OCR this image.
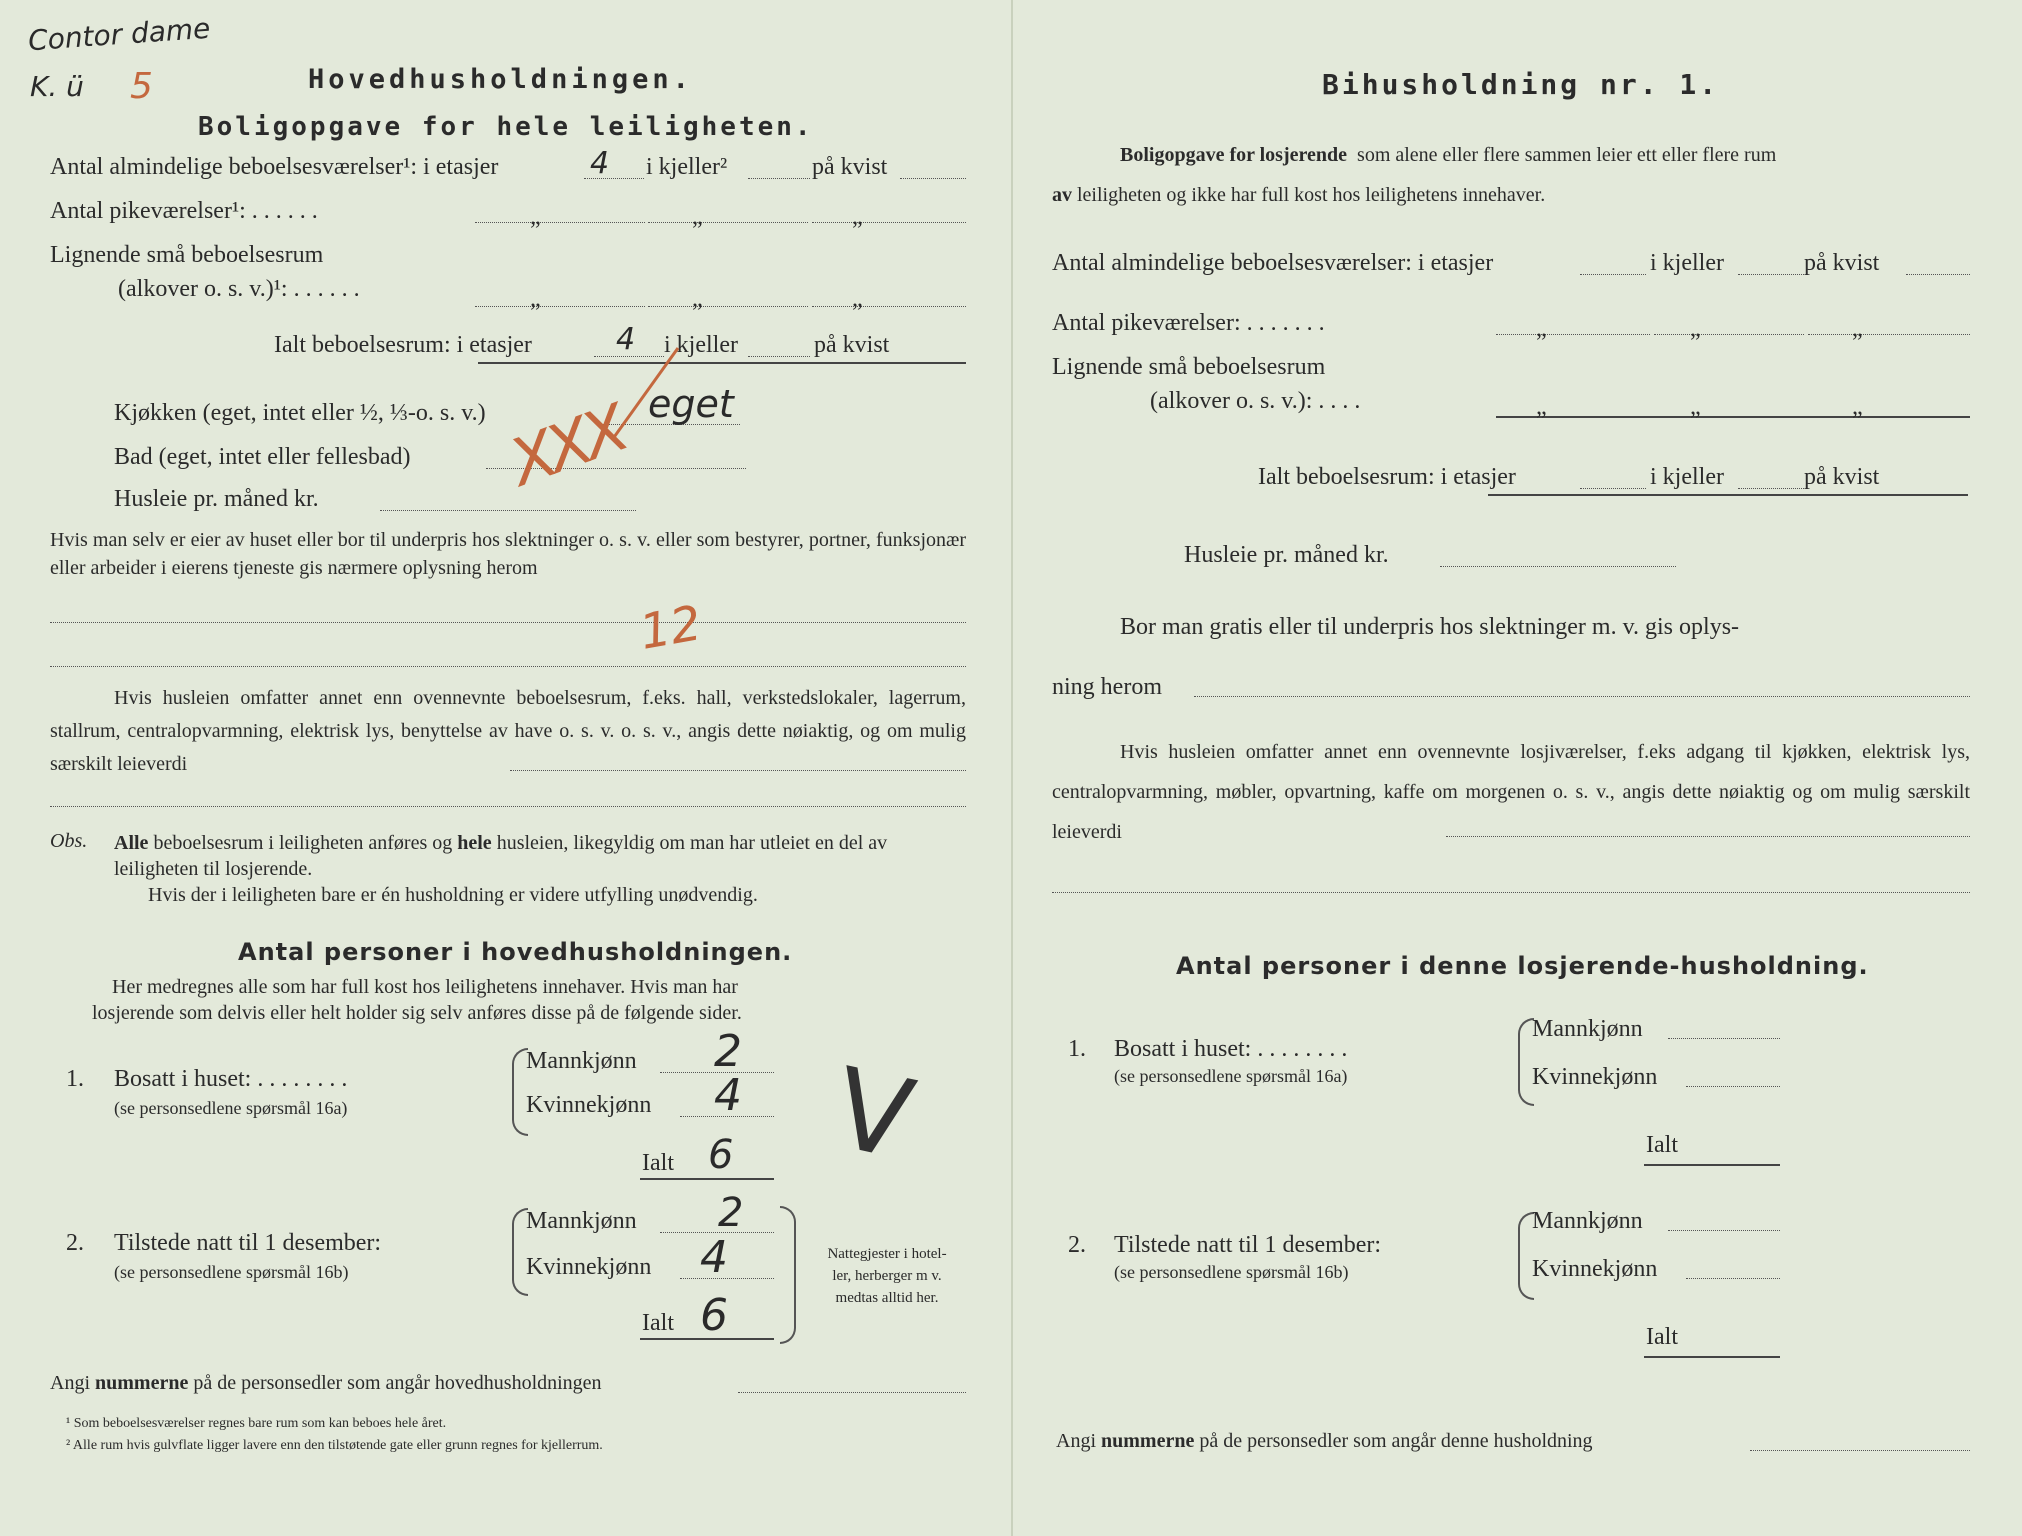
Contor dame
K. ü 5	Hovedhusholdningen.
Boligopgave for hele leiligheten.
Antal almindelige beboelsesværelser¹: i etasjer	4 i kjeller²	på kvist
Antal pikeværelser¹: . . . . . .	„	„	„
Lignende små beboelsesrum
(alkover o. s. v.)¹: . . . . . .	„	„	„
Ialt beboelsesrum: i etasjer	4 i kjeller	på kvist
Kjøkken (eget, intet eller ½, ⅓-o. s. v.)	eget
Bad (eget, intet eller fellesbad)
Husleie pr. måned kr.	XXX
Hvis man selv er eier av huset eller bor til underpris hos slektninger o. s. v. eller som bestyrer, portner, funksjonær eller arbeider i eierens tjeneste gis nærmere oplysning herom
12
Hvis husleien omfatter annet enn ovennevnte beboelsesrum, f.eks. hall, verkstedslokaler, lagerrum, stallrum, centralopvarmning, elektrisk lys, benyttelse av have o. s. v. o. s. v., angis dette nøiaktig, og om mulig særskilt leieverdi
Obs. Alle beboelsesrum i leiligheten anføres og hele husleien, likegyldig om man har utleiet en del av leiligheten til losjerende.
Hvis der i leiligheten bare er én husholdning er videre utfylling unødvendig.
Antal personer i hovedhusholdningen.
Her medregnes alle som har full kost hos leilighetens innehaver. Hvis man har
losjerende som delvis eller helt holder sig selv anføres disse på de følgende sider.
1. Bosatt i huset: . . . . . . . .
(se personsedlene spørsmål 16a)
Mannkjønn 2
Kvinnekjønn 4
Ialt 6 V
2. Tilstede natt til 1 desember:
(se personsedlene spørsmål 16b)
Mannkjønn 2
Kvinnekjønn 4
Ialt 6
Nattegjester i hotel-
ler, herberger m v.
medtas alltid her.
Angi nummerne på de personsedler som angår hovedhusholdningen
¹ Som beboelsesværelser regnes bare rum som kan beboes hele året.
² Alle rum hvis gulvflate ligger lavere enn den tilstøtende gate eller grunn regnes for kjellerrum.
Bihusholdning nr. 1.
Boligopgave for losjerende som alene eller flere sammen leier ett eller flere rum
av leiligheten og ikke har full kost hos leilighetens innehaver.
Antal almindelige beboelsesværelser: i etasjer	i kjeller	på kvist
Antal pikeværelser: . . . . . . .	„	„	„
Lignende små beboelsesrum
(alkover o. s. v.): . . . .	„	„	„
Ialt beboelsesrum: i etasjer	i kjeller	på kvist
Husleie pr. måned kr.
Bor man gratis eller til underpris hos slektninger m. v. gis oplys-
ning herom
Hvis husleien omfatter annet enn ovennevnte losjiværelser, f.eks adgang til kjøkken, elektrisk lys, centralopvarmning, møbler, opvartning, kaffe om morgenen o. s. v., angis dette nøiaktig og om mulig særskilt leieverdi
Antal personer i denne losjerende-husholdning.
1. Bosatt i huset: . . . . . . . .
(se personsedlene spørsmål 16a)
Mannkjønn
Kvinnekjønn
Ialt
2. Tilstede natt til 1 desember:
(se personsedlene spørsmål 16b)
Mannkjønn
Kvinnekjønn
Ialt
Angi nummerne på de personsedler som angår denne husholdning
